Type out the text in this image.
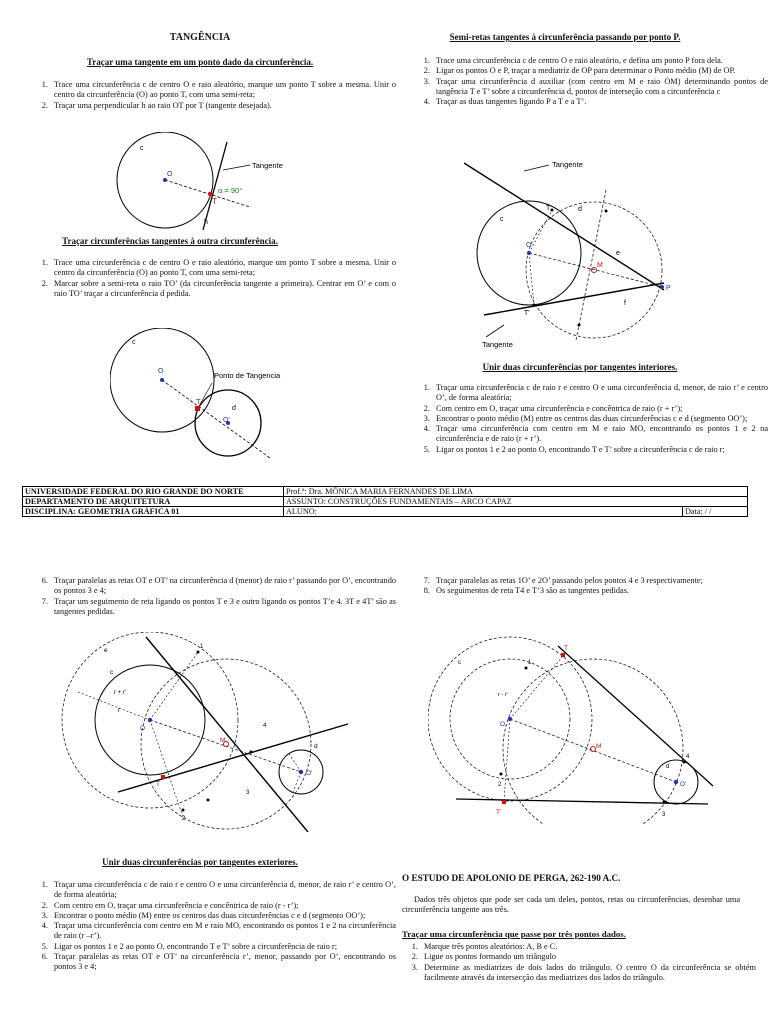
TANGÊNCIA
Traçar uma tangente em um ponto dado da circunferência.
1. Trace uma circunferência c de centro O e raio aleatório, marque um ponto T sobre a mesma. Unir o centro da circunferência (O) ao ponto T, com uma semi-reta;
2. Traçar uma perpendicular h ao raio OT por T (tangente desejada).
c
O
T
h
Tangente
α = 90°
Traçar circunferências tangentes à outra circunferência.
1. Trace uma circunferência c de centro O e raio aleatório, marque um ponto T sobre a mesma. Unir o centro da circunferência (O) ao ponto T, com uma semi-reta;
2. Marcar sobre a semi-reta o raio TO’ (da circunferência tangente a primeira). Centrar em O’ e com o raio TO’ traçar a circunferência d pedida.
c
O
T
d
O'
Ponto de Tangencia
Semi-retas tangentes à circunferência passando por ponto P.
1. Trace uma circunferência c de centro O e raio aleatório, e defina um ponto P fora dela.
2. Ligar os pontos O e P, traçar a mediatriz de OP para determinar o Ponto médio (M) de OP.
3. Traçar uma circunferência d auxiliar (com centro em M e raio OM) determinando pontos de tangência T e T’ sobre a circunferência d, pontos de interseção com a circunferência c
4. Traçar as duas tangentes ligando P a T e a T’.
Tangente
Tangente
c
d
O
M
P
T
T'
e
f
Unir duas circunferências por tangentes interiores.
1. Traçar uma circunferência c de raio r e centro O e uma circunferência d, menor, de raio r’ e centro O’, de forma aleatória;
2. Com centro em O, traçar uma circunferência e concêntrica de raio (r + r’);
3. Encontrar o ponto médio (M) entre os centros das duas circunferências c e d (segmento OO’);
4. Traçar uma circunferência com centro em M e raio MO, encontrando os pontos 1 e 2 na circunferência e de raio (r + r’).
5. Ligar os pontos 1 e 2 ao ponto O, encontrando T e T’ sobre a circunferência c de raio r;
UNIVERSIDADE FEDERAL DO RIO GRANDE DO NORTE	Prof.ª: Dra. MÔNICA MARIA FERNANDES DE LIMA	
DEPARTAMENTO DE ARQUITETURA	ASSUNTO: CONSTRUÇÕES FUNDAMENTAIS – ARCO CAPAZ	
DISCIPLINA: GEOMETRIA GRÁFICA 01	ALUNO:	Data: / /
6. Traçar paralelas as retas OT e OT’ na circunferência d (menor) de raio r’ passando por O’, encontrando os pontos 3 e 4;
7. Traçar um seguimento de reta ligando os pontos T e 3 e outro ligando os pontos T’e 4. 3T e 4T’ são as tangentes pedidas.
e
c
r + r'
r
O
M
T
d
O'
1
2
3
4
Unir duas circunferências por tangentes exteriores.
1. Traçar uma circunferência c de raio r e centro O e uma circunferência d, menor, de raio r’ e centro O’, de forma aleatória;
2. Com centro em O, traçar uma circunferência e concêntrica de raio (r - r’);
3. Encontrar o ponto médio (M) entre os centros das duas circunferências c e d (segmento OO’);
4. Traçar uma circunferência com centro em M e raio MO, encontrando os pontos 1 e 2 na circunferência de raio (r –r’).
5. Ligar os pontos 1 e 2 ao ponto O, encontrando T e T’ sobre a circunferência de raio r;
6. Traçar paralelas as retas OT e OT’ na circunferência r’, menor, passando por O’, encontrando os pontos 3 e 4;
7. Traçar paralelas as retas 1O’ e 2O’ passando pelos pontos 4 e 3 respectivamente;
8. Os seguimentos de reta T4 e T’3 são as tangentes pedidas.
T
T'
O
M
O'
1
2
3
4
c
d
r - r'
O ESTUDO DE APOLONIO DE PERGA, 262-190 A.C.
Dados três objetos que pode ser cada um deles, pontos, retas ou circunferências, desenhar uma circunferência tangente aos três.
Traçar uma circunferência que passe por três pontos dados.
1. Marque três pontos aleatórios: A, B e C.
2. Ligue os pontos formando um triângulo
3. Determine as mediatrizes de dois lados do triângulo. O centro O da circunferência se obtém facilmente através da intersecção das mediatrizes dos lados do triângulo.
